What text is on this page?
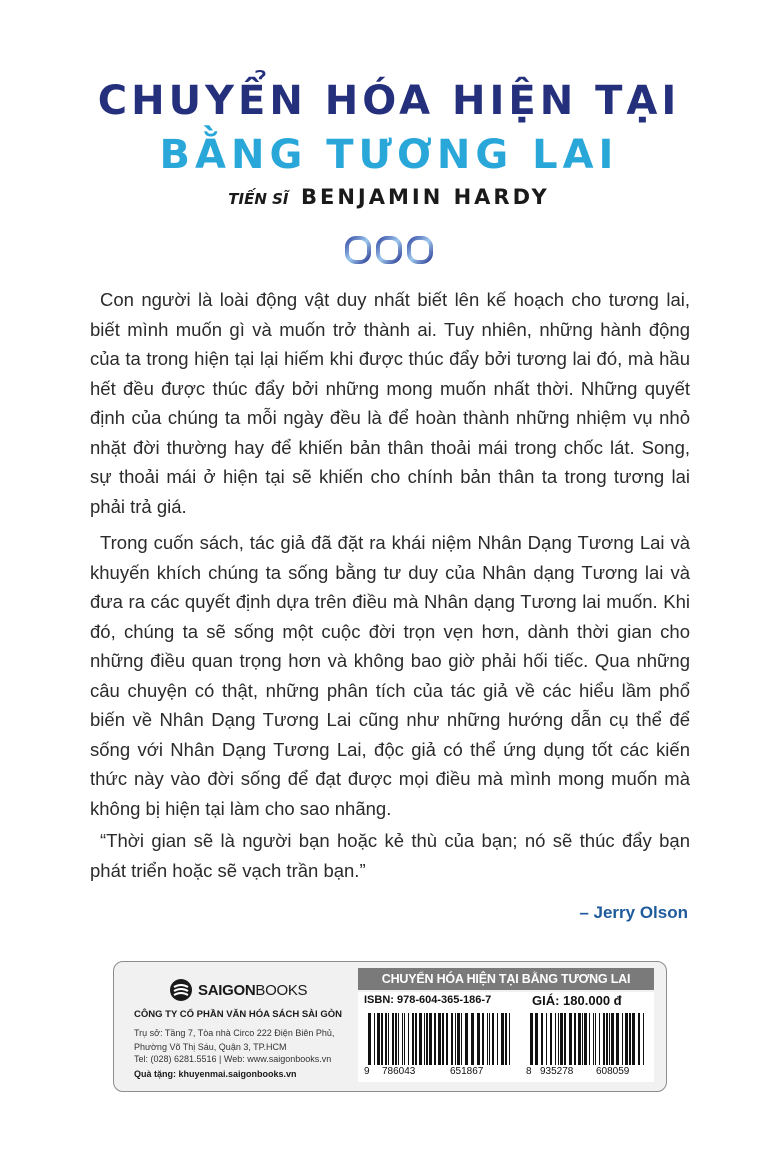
CHUYỂN HÓA HIỆN TẠI
BẰNG TƯƠNG LAI
TIẾN SĨ BENJAMIN HARDY
Con người là loài động vật duy nhất biết lên kế hoạch cho tương lai, biết mình muốn gì và muốn trở thành ai. Tuy nhiên, những hành động của ta trong hiện tại lại hiếm khi được thúc đẩy bởi tương lai đó, mà hầu hết đều được thúc đẩy bởi những mong muốn nhất thời. Những quyết định của chúng ta mỗi ngày đều là để hoàn thành những nhiệm vụ nhỏ nhặt đời thường hay để khiến bản thân thoải mái trong chốc lát. Song, sự thoải mái ở hiện tại sẽ khiến cho chính bản thân ta trong tương lai phải trả giá.
Trong cuốn sách, tác giả đã đặt ra khái niệm Nhân Dạng Tương Lai và khuyến khích chúng ta sống bằng tư duy của Nhân dạng Tương lai và đưa ra các quyết định dựa trên điều mà Nhân dạng Tương lai muốn. Khi đó, chúng ta sẽ sống một cuộc đời trọn vẹn hơn, dành thời gian cho những điều quan trọng hơn và không bao giờ phải hối tiếc. Qua những câu chuyện có thật, những phân tích của tác giả về các hiểu lầm phổ biến về Nhân Dạng Tương Lai cũng như những hướng dẫn cụ thể để sống với Nhân Dạng Tương Lai, độc giả có thể ứng dụng tốt các kiến thức này vào đời sống để đạt được mọi điều mà mình mong muốn mà không bị hiện tại làm cho sao nhãng.
“Thời gian sẽ là người bạn hoặc kẻ thù của bạn; nó sẽ thúc đẩy bạn phát triển hoặc sẽ vạch trần bạn.”
– Jerry Olson
SAIGONBOOKS
CÔNG TY CỔ PHẦN VĂN HÓA SÁCH SÀI GÒN
Trụ sở: Tầng 7, Tòa nhà Circo 222 Điện Biên Phủ, Phường Võ Thị Sáu, Quận 3, TP.HCM
Tel: (028) 6281.5516 | Web: www.saigonbooks.vn
Quà tặng: khuyenmai.saigonbooks.vn
CHUYỂN HÓA HIỆN TẠI BẰNG TƯƠNG LAI
ISBN: 978-604-365-186-7	GIÁ: 180.000 đ
9 786043	651867	8 935278 608059
